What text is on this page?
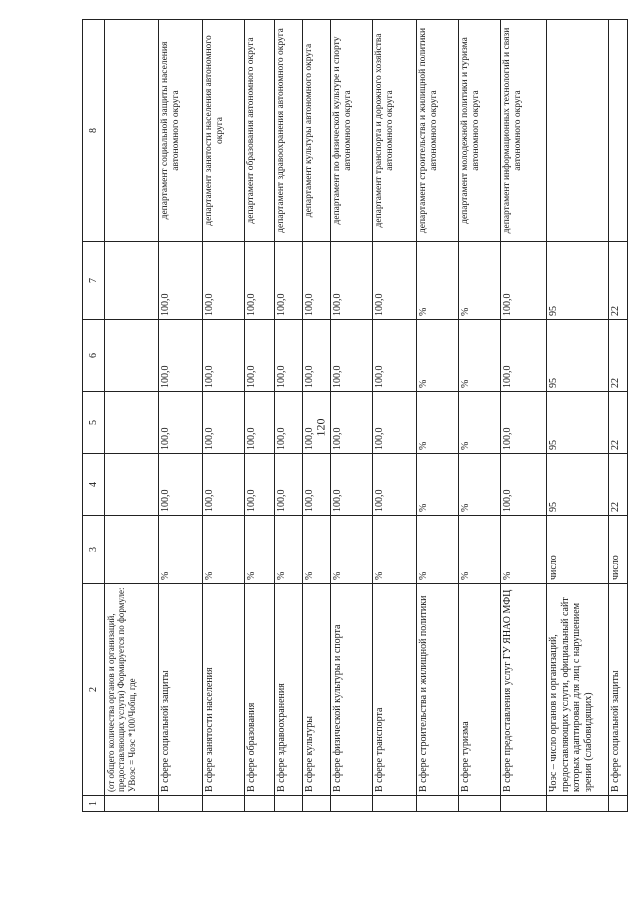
120
1	2	3	4	5	6	7	8
	(от общего количества органов и организаций, предоставляющих услуги) Формируется по формуле: УВоэс = Чоэс *100/Чобщ, где						
	В сфере социальной защиты	%	100,0	100,0	100,0	100,0	департамент социальной защиты населения автономного округа
	В сфере занятости населения	%	100,0	100,0	100,0	100,0	департамент занятости населения автономного округа
	В сфере образования	%	100,0	100,0	100,0	100,0	департамент образования автономного округа
	В сфере здравоохранения	%	100,0	100,0	100,0	100,0	департамент здравоохранения автономного округа
	В сфере культуры	%	100,0	100,0	100,0	100,0	департамент культуры автономного округа
	В сфере физической культуры и спорта	%	100,0	100,0	100,0	100,0	департамент по физической культуре и спорту автономного округа
	В сфере транспорта	%	100,0	100,0	100,0	100,0	департамент транспорта и дорожного хозяйства автономного округа
	В сфере строительства и жилищной политики	%	%	%	%	%	департамент строительства и жилищной политики автономного округа
	В сфере туризма	%	%	%	%	%	департамент молодежной политики и туризма автономного округа
	В сфере предоставления услуг ГУ ЯНАО МФЦ	%	100,0	100,0	100,0	100,0	департамент информационных технологий и связи автономного округа
	Чоэс – число органов и организаций, предоставляющих услуги, официальный сайт которых адаптирован для лиц с нарушением зрения (слабовидящих)	число	95	95	95	95	
	В сфере социальной защиты	число	22	22	22	22	
